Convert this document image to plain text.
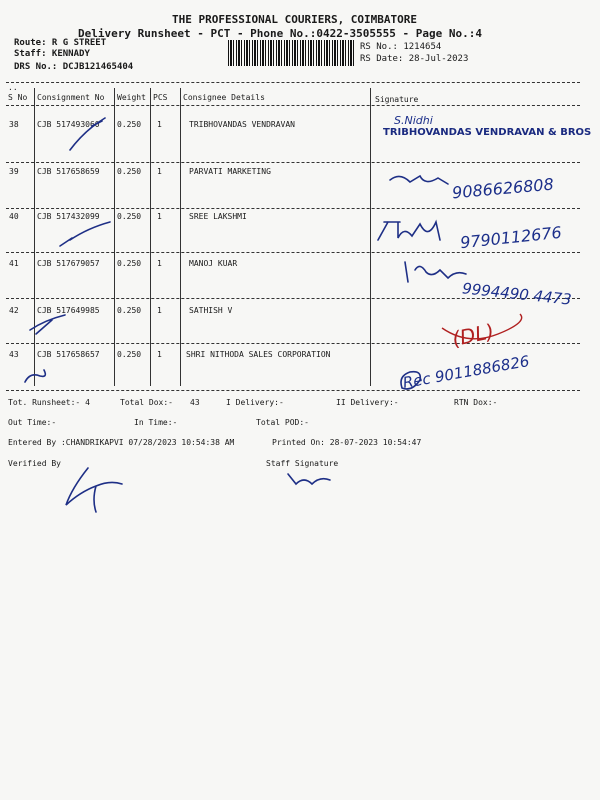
THE PROFESSIONAL COURIERS, COIMBATORE
Delivery Runsheet - PCT - Phone No.:0422-3505555 - Page No.:4
Route: R G STREET
Staff: KENNADY
DRS No.: DCJB121465404
RS No.: 1214654
RS Date: 28-Jul-2023
..
S No Consignment No Weight PCS Consignee Details	Signature
38 CJB 517493060 0.250 1	TRIBHOVANDAS VENDRAVAN
39 CJB 517658659 0.250 1	PARVATI MARKETING
40 CJB 517432099 0.250 1	SREE LAKSHMI
41 CJB 517679057 0.250 1	MANOJ KUAR
42 CJB 517649985 0.250 1	SATHISH V
43 CJB 517658657 0.250 1	SHRI NITHODA SALES CORPORATION
S.Nidhi
TRIBHOVANDAS VENDRAVAN & BROS
9086626808
9790112676
9994490 4473
(DL)
Rec 9011886826
Tot. Runsheet:- 4	Total Dox:- 43	I Delivery:-	II Delivery:-	RTN Dox:-
Out Time:-	In Time:-	Total POD:-
Entered By :CHANDRIKAPVI 07/28/2023 10:54:38 AM	Printed On: 28-07-2023 10:54:47
Verified By	Staff Signature
